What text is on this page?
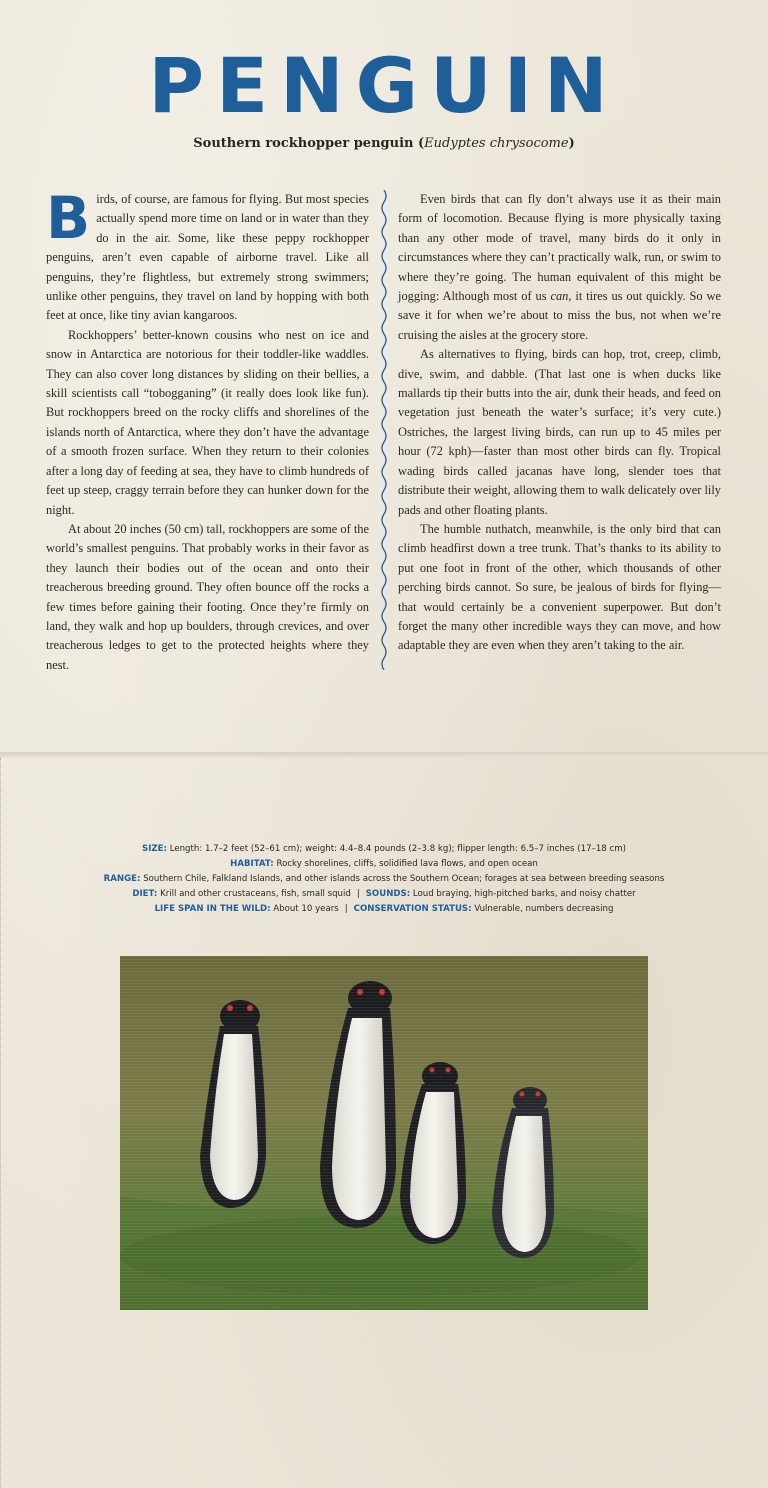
PENGUIN
Southern rockhopper penguin (Eudyptes chrysocome)

Birds, of course, are famous for flying. But most species actually spend more time on land or in water than they do in the air. Some, like these peppy rockhopper penguins, aren’t even capable of airborne travel. Like all penguins, they’re flightless, but extremely strong swimmers; unlike other penguins, they travel on land by hopping with both feet at once, like tiny avian kangaroos.

Rockhoppers’ better-known cousins who nest on ice and snow in Antarctica are notorious for their toddler-like waddles. They can also cover long distances by sliding on their bellies, a skill scientists call “tobogganing” (it really does look like fun). But rockhoppers breed on the rocky cliffs and shorelines of the islands north of Antarctica, where they don’t have the advantage of a smooth frozen surface. When they return to their colonies after a long day of feeding at sea, they have to climb hundreds of feet up steep, craggy terrain before they can hunker down for the night.

At about 20 inches (50 cm) tall, rockhoppers are some of the world’s smallest penguins. That probably works in their favor as they launch their bodies out of the ocean and onto their treacherous breeding ground. They often bounce off the rocks a few times before gaining their footing. Once they’re firmly on land, they walk and hop up boulders, through crevices, and over treacherous ledges to get to the protected heights where they nest.

Even birds that can fly don’t always use it as their main form of locomotion. Because flying is more physically taxing than any other mode of travel, many birds do it only in circumstances where they can’t practically walk, run, or swim to where they’re going. The human equivalent of this might be jogging: Although most of us can, it tires us out quickly. So we save it for when we’re about to miss the bus, not when we’re cruising the aisles at the grocery store.

As alternatives to flying, birds can hop, trot, creep, climb, dive, swim, and dabble. (That last one is when ducks like mallards tip their butts into the air, dunk their heads, and feed on vegetation just beneath the water’s surface; it’s very cute.) Ostriches, the largest living birds, can run up to 45 miles per hour (72 kph)—faster than most other birds can fly. Tropical wading birds called jacanas have long, slender toes that distribute their weight, allowing them to walk delicately over lily pads and other floating plants.

The humble nuthatch, meanwhile, is the only bird that can climb headfirst down a tree trunk. That’s thanks to its ability to put one foot in front of the other, which thousands of other perching birds cannot. So sure, be jealous of birds for flying—that would certainly be a convenient superpower. But don’t forget the many other incredible ways they can move, and how adaptable they are even when they aren’t taking to the air.

SIZE: Length: 1.7–2 feet (52–61 cm); weight: 4.4–8.4 pounds (2–3.8 kg); flipper length: 6.5–7 inches (17–18 cm)
HABITAT: Rocky shorelines, cliffs, solidified lava flows, and open ocean
RANGE: Southern Chile, Falkland Islands, and other islands across the Southern Ocean; forages at sea between breeding seasons
DIET: Krill and other crustaceans, fish, small squid | SOUNDS: Loud braying, high-pitched barks, and noisy chatter
LIFE SPAN IN THE WILD: About 10 years | CONSERVATION STATUS: Vulnerable, numbers decreasing
